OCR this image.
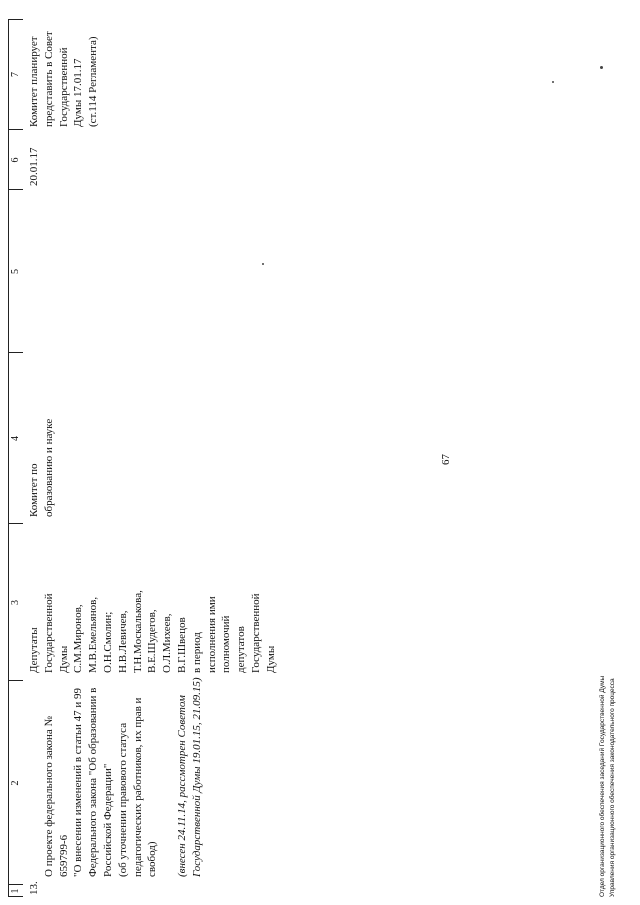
1
2
3
4
5
6
7
13.

О проекте федерального закона № 659799-6
"О внесении изменений в статьи 47 и 99
Федерального закона "Об образовании в
Российской Федерации"
(об уточнении правового статуса
педагогических работников, их прав и
свобод) (внесен 24.11.14, рассмотрен Советом
Государственной Думы 19.01.15, 21.09.15)

Депутаты
Государственной
Думы
С.М.Миронов,
М.В.Емельянов,
О.Н.Смолин;
Н.В.Левичев,
Т.Н.Москалькова,
В.Е.Шудегов,
О.Л.Михеев,
В.Г.Швецов
в период
исполнения ими
полномочий
депутатов
Государственной
Думы
Комитет по
образованию и науке
20.01.17
Комитет планирует
представить в Совет
Государственной
Думы 17.01.17
(ст.114 Регламента)
67
Отдел организационного обеспечения заседаний Государственной Думы Управления организационного обеспечения законодательного процесса
